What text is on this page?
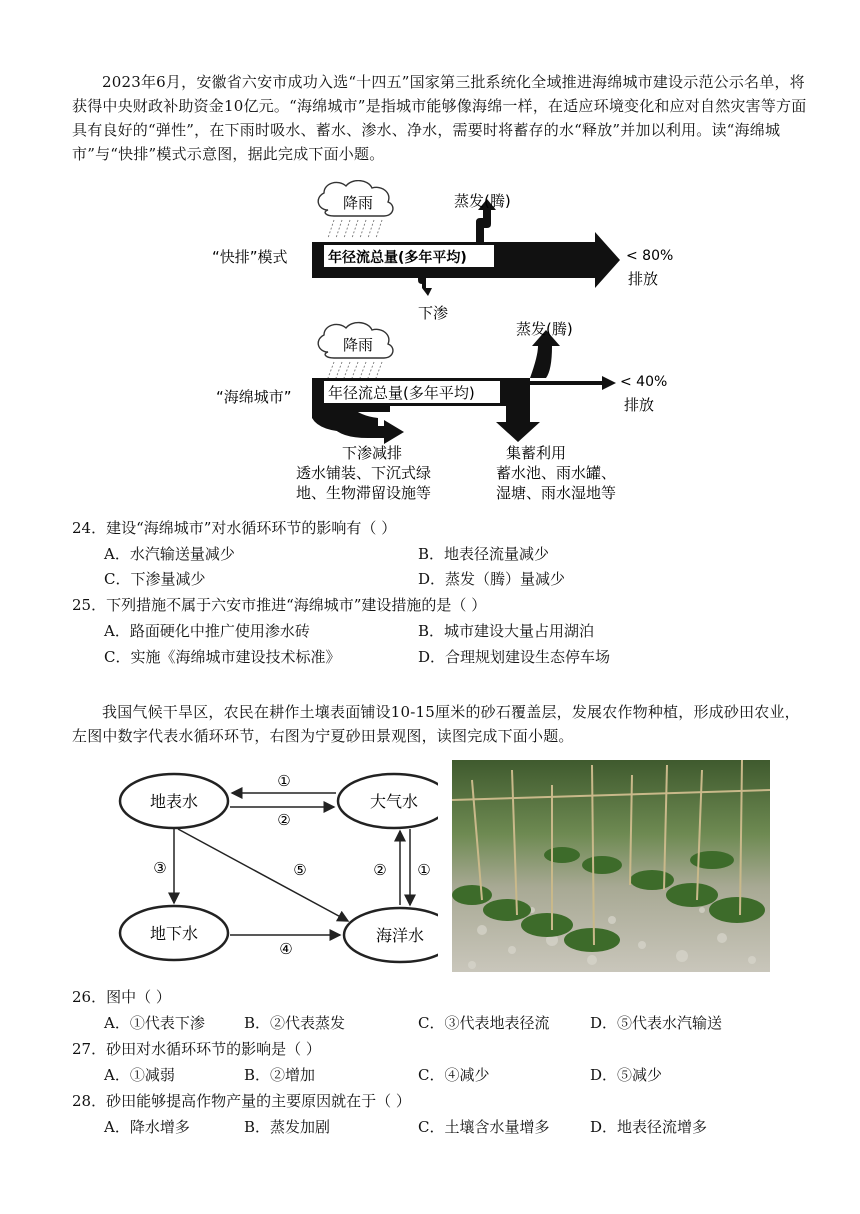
2023年6月，安徽省六安市成功入选“十四五”国家第三批系统化全域推进海绵城市建设示范公示名单，将获得中央财政补助资金10亿元。“海绵城市”是指城市能够像海绵一样，在适应环境变化和应对自然灾害等方面具有良好的“弹性”，在下雨时吸水、蓄水、渗水、净水，需要时将蓄存的水“释放”并加以利用。读“海绵城市”与“快排”模式示意图，据此完成下面小题。

降雨
“快排”模式	年径流总量(多年平均)
蒸发(腾)
下渗
< 80%
排放
降雨
“海绵城市” 年径流总量(多年平均)
蒸发(腾)
< 40%
排放
下渗减排
透水铺装、下沉式绿
地、生物滞留设施等
集蓄利用
蓄水池、雨水罐、
湿塘、雨水湿地等
24．建设“海绵城市”对水循环环节的影响有（ ）
A．水汽输送量减少	B．地表径流量减少
C．下渗量减少	D．蒸发（腾）量减少
25．下列措施不属于六安市推进“海绵城市”建设措施的是（ ）
A．路面硬化中推广使用渗水砖	B．城市建设大量占用湖泊
C．实施《海绵城市建设技术标准》	D．合理规划建设生态停车场

我国气候干旱区，农民在耕作土壤表面铺设10-15厘米的砂石覆盖层，发展农作物种植，形成砂田农业，左图中数字代表水循环环节，右图为宁夏砂田景观图，读图完成下面小题。

地表水	大气水
地下水	海洋水
①
②
③	⑤	② ①
④
26．图中（ ）
A．①代表下渗	B．②代表蒸发	C．③代表地表径流	D．⑤代表水汽输送
27．砂田对水循环环节的影响是（ ）
A．①减弱	B．②增加	C．④减少	D．⑤减少
28．砂田能够提高作物产量的主要原因就在于（ ）
A．降水增多	B．蒸发加剧	C．土壤含水量增多	D．地表径流增多
